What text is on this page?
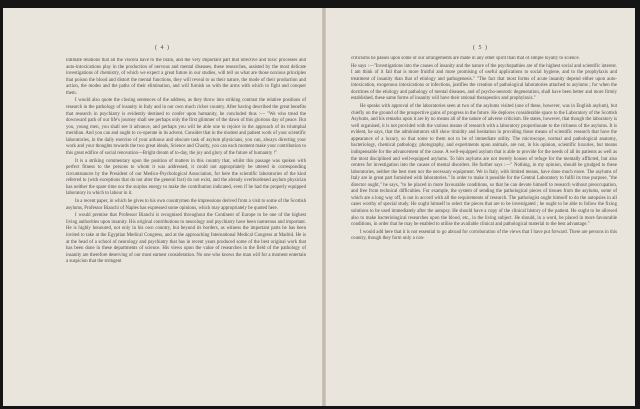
( 4 )

intimate relations that all the viscera have to the brain, and the very important part that infective and toxic processes and auto-intoxications play in the production of nervous and mental diseases, these researches, assisted by the most delicate investigations of chemistry, of which we expect a great future in our studies, will tell us what are those noxious principles that poison the blood and distort the mental functions, they will reveal to us their nature, the mode of their production and action, the modes and the paths of their elimination, and will furnish us with the arms with which to fight and conquer them.

I would also quote the closing sentences of the address, as they throw into striking contrast the relative positions of research in the pathology of insanity in Italy and in our own much richer country. After having described the great benefits that research in psychiatry is evidently destined to confer upon humanity, he concluded thus :— "We who tread the downward path of our life's journey shall see perhaps only the first glimmer of the dawn of this glorious day of peace. But you, young men, you shall see it advance, and perhaps you will be able one to rejoice in the approach of its triumphal meridian. And you can and ought to co-operate in its advent. Consider that in the modest and patient work of your scientific laboratories, in the daily exercise of your arduous and obscure task of asylum physicians, you can, always directing your work and your thoughts towards the two great ideals, Science and Charity, you can each moment make your contribution to this great edifice of social renovation—Bright dream of to-day, the joy and glory of the future of humanity !"

It is a striking commentary upon the position of matters in this country that, whilst this passage was spoken with perfect fitness to the persons to whom it was addressed, it could not appropriately be uttered in corresponding circumstances by the President of our Medico-Psychological Association, for here the scientific laboratories of the kind referred to (with exceptions that do not alter the general fact) do not exist, and the already overburdened asylum physician has neither the spare time nor the surplus energy to make the contribution indicated, even if he had the properly equipped laboratory in which to labour in it.

In a recent paper, in which he gives to his own countrymen the impressions derived from a visit to some of the Scottish asylums, Professor Bianchi of Naples has expressed some opinions, which may appropriately be quoted here.

I would premise that Professor Bianchi is recognised throughout the Continent of Europe to be one of the highest living authorities upon insanity. His original contributions to neurology and psychiatry have been numerous and important. He is highly honoured, not only in his own country, but beyond its borders, as witness the important parts he has been invited to take at the Egyptian Medical Congress, and at the approaching International Medical Congress at Madrid. He is at the head of a school of neurology and psychiatry that has in recent years produced some of the best original work that has been done in these departments of science. His views upon the value of researches in the field of the pathology of insanity are therefore deserving of our most earnest consideration. No one who knows the man will for a moment entertain a suspicion that the stringent

( 5 )

criticisms he passes upon some of our arrangements are made in any other spirit than that of simple loyalty to science.

He says :—"Investigations into the causes of insanity and the nature of the psychopathies are of the highest social and scientific interest. I am think of it fail that is more fruitful and more promising of useful applications to social hygiene, and to the prophylaxis and treatment of insanity than that of etiology and pathogenesis." "The fact that most forms of acute insanity depend either upon auto-intoxication, exogenous intoxications or infections, justifies the creation of pathological laboratories attached to asylums ; for when the doctrines of the etiology and pathology of mental diseases, and of psycho-neurotic degeneration, shall have been better and more firmly established, these same forms of insanity will have their rational therapeutics and prophylaxis."

He speaks with approval of the laboratories seen at two of the asylums visited (one of these, however, was in English asylum), but chiefly on the ground of the prospective gains of progress in the future. He deplores considerable space to the Laboratory of the Scottish Asylums, and his remarks upon it are by no means all of the nature of adverse criticism. He states, however, that though the laboratory is well organised, it is not provided with the various means of research with a laboratory proportionate to the richness of the asylums. It is evident, he says, that the administrators still show timidity and hesitation in providing those means of scientific research that have the appearance of a luxury, so that some to them not to be of immediate utility. The microscope, normal and pathological anatomy, bacteriology, chemical pathology, photography, and experiments upon animals, are not, in his opinion, scientific luxuries, but means indispensable for the advancement of the cause. A well-equipped asylum that is able to provide for the needs of all its patients as well as the most disciplined and well-equipped asylums. To him asylums are not merely houses of refuge for the mentally afflicted, but also centres for investigation into the causes of mental disorders. He further says :—" Nothing, in my opinion, should be grudged to these laboratories, neither the best men nor the necessary equipment. We in Italy, with limited means, have done much more. The asylums of Italy are in great part furnished with laboratories." In order to make it possible for the Central Laboratory to fulfil its true purpose, "the director ought," he says, "to be placed in more favourable conditions, so that he can devote himself to research without preoccupation, and free from technical difficulties. For example, the system of sending the pathological pieces of tissues from the asylums, some of which are a long way off, is not in accord with all the requirements of research. The pathologist ought himself to do the autopsies in all cases worthy of special study. He ought himself to select the pieces that are to be investigated ; he ought to be able to follow the fixing solutions to be used immediately after the autopsy. He should have a copy of the clinical history of the patient. He ought to be allowed also to make bacteriological researches upon the blood, etc., in the living subject. He should, in a word, be placed in more favourable conditions, in order that he may be enabled to utilise the available clinical and pathological material to the best advantage."

I would add here that it is not essential to go abroad for corroboration of the views that I have put forward. There are persons in this country, though they form only a con-
